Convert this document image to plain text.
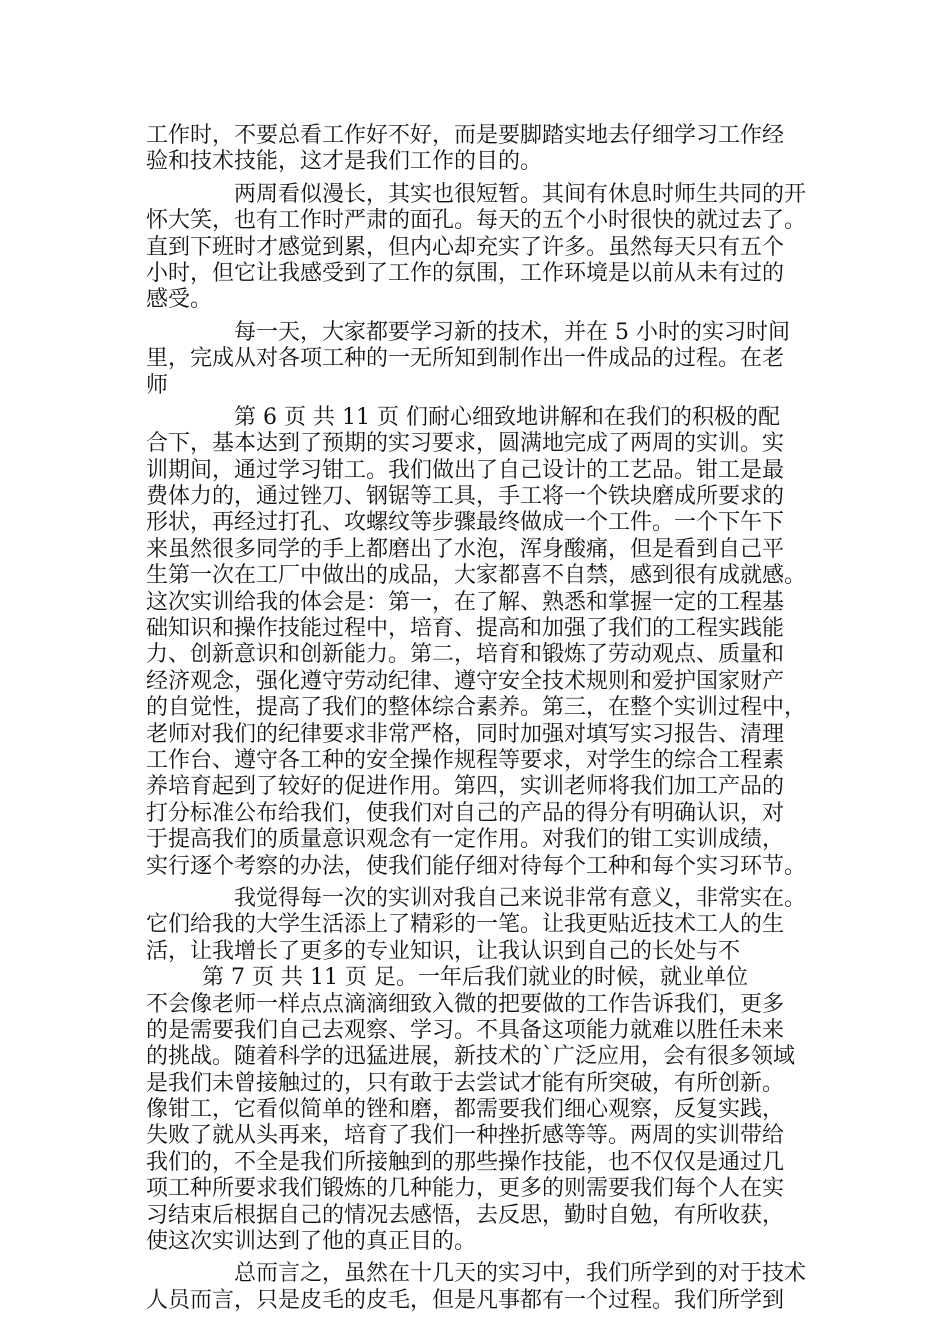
工作时，不要总看工作好不好，而是要脚踏实地去仔细学习工作经
验和技术技能，这才是我们工作的目的。
两周看似漫长，其实也很短暂。其间有休息时师生共同的开
怀大笑，也有工作时严肃的面孔。每天的五个小时很快的就过去了。
直到下班时才感觉到累，但内心却充实了许多。虽然每天只有五个
小时，但它让我感受到了工作的氛围，工作环境是以前从未有过的
感受。
每一天，大家都要学习新的技术，并在 5 小时的实习时间
里，完成从对各项工种的一无所知到制作出一件成品的过程。在老
师
第 6 页 共 11 页 们耐心细致地讲解和在我们的积极的配
合下，基本达到了预期的实习要求，圆满地完成了两周的实训。实
训期间，通过学习钳工。我们做出了自己设计的工艺品。钳工是最
费体力的，通过锉刀、钢锯等工具，手工将一个铁块磨成所要求的
形状，再经过打孔、攻螺纹等步骤最终做成一个工件。一个下午下
来虽然很多同学的手上都磨出了水泡，浑身酸痛，但是看到自己平
生第一次在工厂中做出的成品，大家都喜不自禁，感到很有成就感。
这次实训给我的体会是：第一，在了解、熟悉和掌握一定的工程基
础知识和操作技能过程中，培育、提高和加强了我们的工程实践能
力、创新意识和创新能力。第二，培育和锻炼了劳动观点、质量和
经济观念，强化遵守劳动纪律、遵守安全技术规则和爱护国家财产
的自觉性，提高了我们的整体综合素养。第三，在整个实训过程中，
老师对我们的纪律要求非常严格，同时加强对填写实习报告、清理
工作台、遵守各工种的安全操作规程等要求，对学生的综合工程素
养培育起到了较好的促进作用。第四，实训老师将我们加工产品的
打分标准公布给我们，使我们对自己的产品的得分有明确认识，对
于提高我们的质量意识观念有一定作用。对我们的钳工实训成绩，
实行逐个考察的办法，使我们能仔细对待每个工种和每个实习环节。
我觉得每一次的实训对我自己来说非常有意义，非常实在。
它们给我的大学生活添上了精彩的一笔。让我更贴近技术工人的生
活，让我增长了更多的专业知识，让我认识到自己的长处与不
第 7 页 共 11 页 足。一年后我们就业的时候，就业单位
不会像老师一样点点滴滴细致入微的把要做的工作告诉我们，更多
的是需要我们自己去观察、学习。不具备这项能力就难以胜任未来
的挑战。随着科学的迅猛进展，新技术的`广泛应用，会有很多领域
是我们未曾接触过的，只有敢于去尝试才能有所突破，有所创新。
像钳工，它看似简单的锉和磨，都需要我们细心观察，反复实践，
失败了就从头再来，培育了我们一种挫折感等等。两周的实训带给
我们的，不全是我们所接触到的那些操作技能，也不仅仅是通过几
项工种所要求我们锻炼的几种能力，更多的则需要我们每个人在实
习结束后根据自己的情况去感悟，去反思，勤时自勉，有所收获，
使这次实训达到了他的真正目的。
总而言之，虽然在十几天的实习中，我们所学到的对于技术
人员而言，只是皮毛的皮毛，但是凡事都有一个过程。我们所学到
